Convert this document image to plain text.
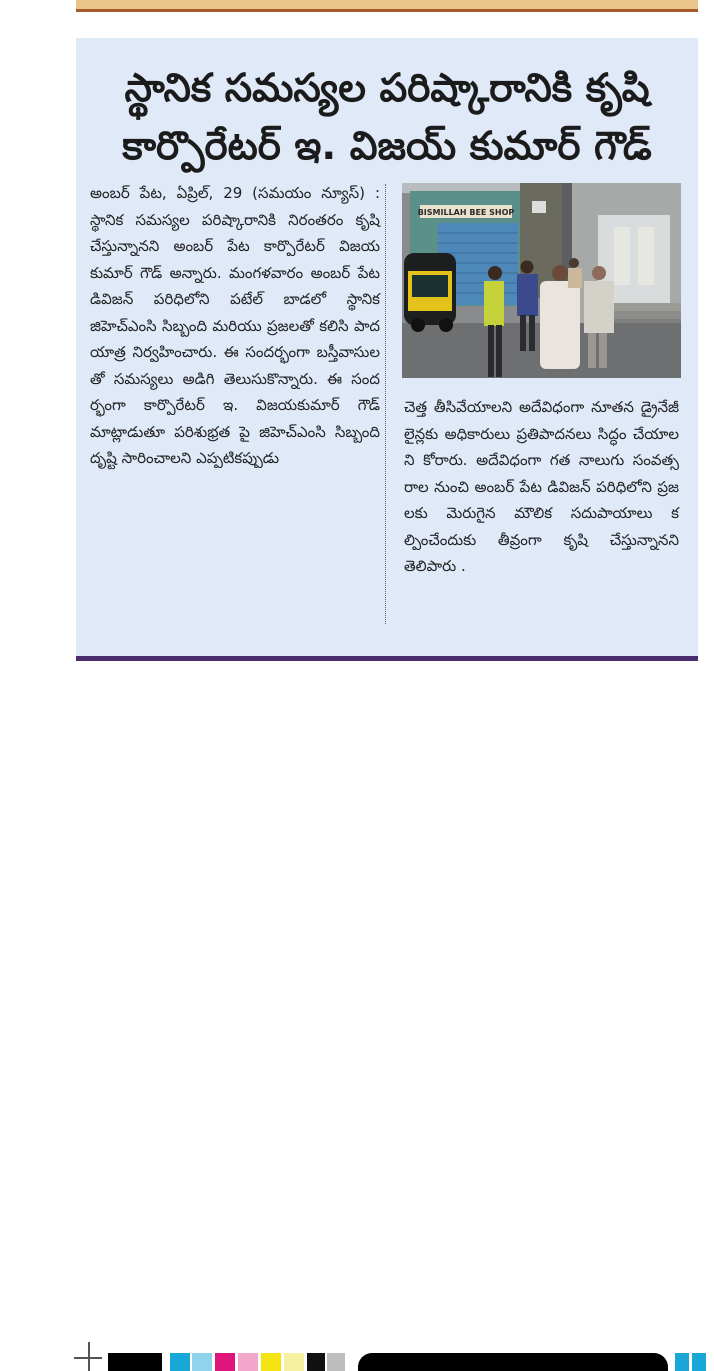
స్థానిక సమస్యల పరిష్కారానికి కృషి
కార్పొరేటర్ ఇ. విజయ్ కుమార్ గౌడ్
అంబర్ పేట, ఏప్రిల్, 29 (సమయం న్యూస్) : స్థానిక సమస్యల పరిష్కారానికి నిరంతరం కృషి చేస్తున్నానని అంబర్ పేట కార్పొరేటర్ విజయ కుమార్ గౌడ్ అన్నారు. మంగళవారం అంబర్ పేట డివిజన్ పరిధిలోని పటేల్ బాడలో స్థానిక జిహెచ్ఎంసి సిబ్బంది మరియు ప్రజలతో కలిసి పాదయాత్ర నిర్వహించారు. ఈ సందర్భంగా బస్తీవాసులతో సమస్యలు అడిగి తెలుసుకొన్నారు. ఈ సందర్భంగా కార్పొరేటర్ ఇ. విజయకుమార్ గౌడ్ మాట్లాడుతూ పరిశుభ్రత పై జిహెచ్ఎంసి సిబ్బంది దృష్టి సారించాలని ఎప్పటికప్పుడు
BISMILLAH BEE SHOP
చెత్త తీసివేయాలని అదేవిధంగా నూతన డ్రైనేజీ లైన్లకు అధికారులు ప్రతిపాదనలు సిద్ధం చేయాలని కోరారు. అదేవిధంగా గత నాలుగు సంవత్సరాల నుంచి అంబర్ పేట డివిజన్ పరిధిలోని ప్రజలకు మెరుగైన మౌలిక సదుపాయాలు కల్పించేందుకు తీవ్రంగా కృషి చేస్తున్నానని తెలిపారు .
